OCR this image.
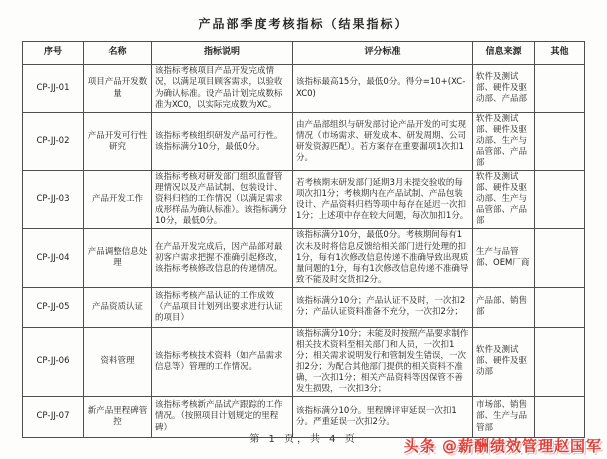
产品部季度考核指标（结果指标）
序号	名称	指标说明	评分标准	信息来源	其他
CP-JJ-01	项目产品开发数量	该指标考核项目产品开发完成情况，以满足项目顾客需求，以验收为确认标准。设产品计划完成数标准为XC0，以实际完成数为XC。	该指标最高15分，最低0分。得分=10+(XC-XC0)	软件及测试部、硬件及驱动部、产品部	
CP-JJ-02	产品开发可行性研究	该指标考核组织研发产品可行性。该指标满分10分，最低0分。	由产品部组织与研发部讨论产品开发的可实现情况（市场需求、研发成本、研发周期、公司研发资源匹配）。若方案存在重要漏项1次扣1分。	软件及测试部、硬件及驱动部、生产与品管部、产品部	
CP-JJ-03	产品开发工作	该指标考核对研发部门组织监督管理情况以及产品试制、包装设计、资料归档的工作情况（以满足需求成形样品为确认标准）。该指标满分10分，最低0分。	若考核期末研发部门延期3月未提交验收的每项次扣1分；考核期内在产品试制、产品包装设计、产品资料归档等项中每存在延迟一次扣1分；上述项中存在较大问题，每次加扣1分。	软件及测试部、硬件及驱动部、生产与品管部、产品部	
CP-JJ-04	产品调整信息处理	在产品开发完成后，因产品部对最初客户需求把握不准确引起修改，该指标考核修改信息的传递情况。	该指标满分10分，最低0分。考核期间每有1次未及时将信息反馈给相关部门进行处理的扣1分，每有1次修改信息传递不准确导致出现质量问题的1分，每有1次修改信息传递不准确导致不能及时交货扣2分。	生产与品管部、OEM厂商	
CP-JJ-05	产品资质认证	该指标考核产品认证的工作成效（产品项目计划列出要求进行认证的项目）	该指标满分10分；产品认证不及时，一次扣2分；产品认证资料准备不充分，一次扣2分；	产品部、销售部	
CP-JJ-06	资料管理	该指标考核技术资料（如产品需求信息等）管理的工作情况。	该指标满分10分；未能及时按照产品要求制作相关技术资料至相关部门和人员，一次扣1分；相关需求说明发行和管制发生错误，一次扣2分；为配合其他部门提供的相关资料不准确，一次扣1分；相关产品资料等因保管不善发生损毁，一次扣3分；	软件及测试部、硬件及驱动部	
CP-JJ-07	新产品里程碑管控	该指标考核新产品试产跟踪的工作情况。（按照项目计划规定的里程碑）	该指标满分10分。里程牌评审延误一次扣1分。严重延误一次扣2分。	市场部、销售部、生产与品管部	
第 1 页，共 4 页	头条 @薪酬绩效管理赵国军
